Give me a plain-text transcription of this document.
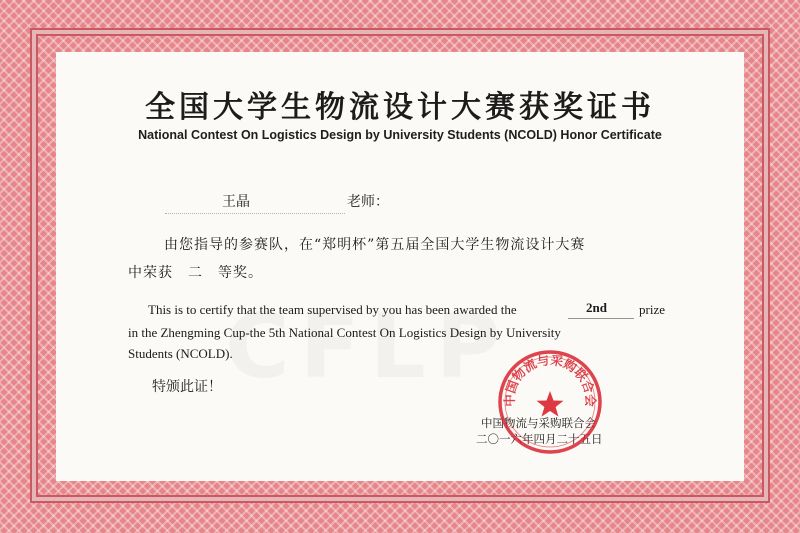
全国大学生物流设计大赛获奖证书
National Contest On Logistics Design by University Students (NCOLD) Honor Certificate
王晶	老师：
由您指导的参赛队，在“郑明杯”第五届全国大学生物流设计大赛
中荣获　二　等奖。
This is to certify that the team supervised by you has been awarded the	2nd prize
in the Zhengming Cup-the 5th National Contest On Logistics Design by University
Students (NCOLD).
特颁此证！
中国物流与采购联合会
二〇一六年四月二十五日
中国物流与采购联合会
